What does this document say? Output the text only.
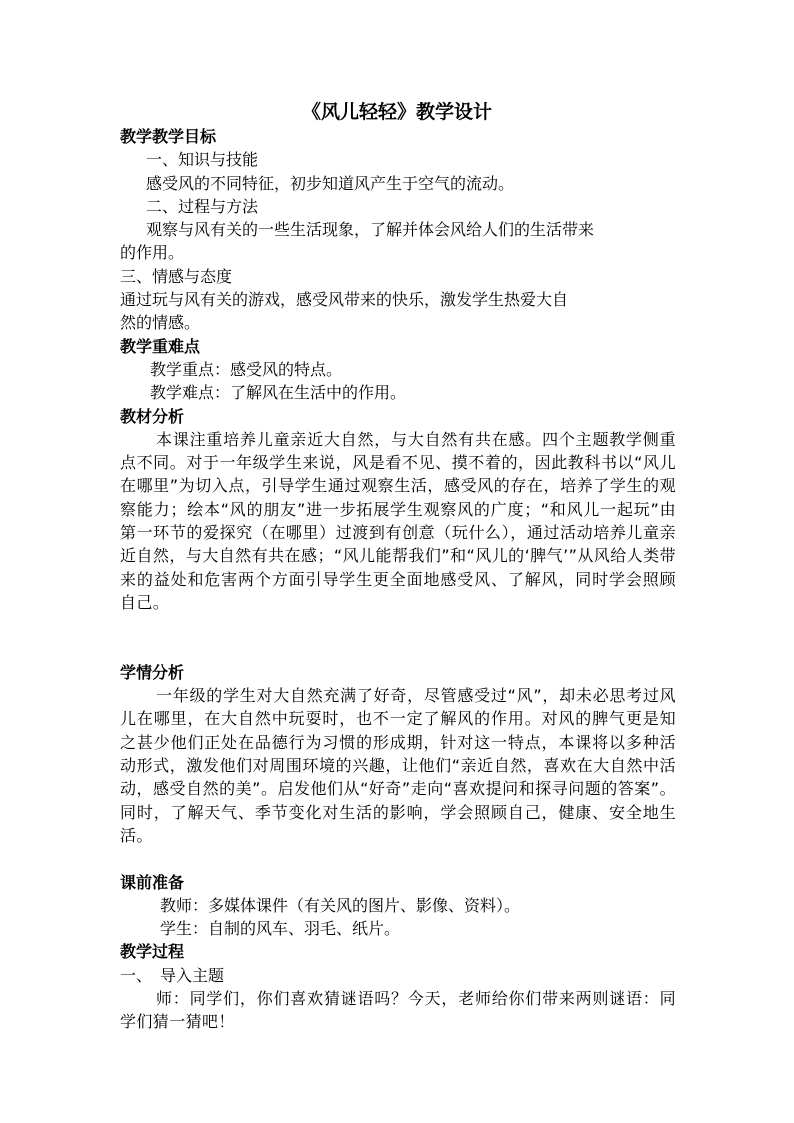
《风儿轻轻》教学设计
教学教学目标
一、知识与技能
感受风的不同特征，初步知道风产生于空气的流动。
二、过程与方法
观察与风有关的一些生活现象，了解并体会风给人们的生活带来
的作用。
三、情感与态度
通过玩与风有关的游戏，感受风带来的快乐，激发学生热爱大自
然的情感。
教学重难点
教学重点：感受风的特点。
教学难点：了解风在生活中的作用。
教材分析
本课注重培养儿童亲近大自然，与大自然有共在感。四个主题教学侧重点不同。对于一年级学生来说，风是看不见、摸不着的，因此教科书以“风儿在哪里”为切入点，引导学生通过观察生活，感受风的存在，培养了学生的观察能力；绘本“风的朋友”进一步拓展学生观察风的广度；“和风儿一起玩”由第一环节的爱探究（在哪里）过渡到有创意（玩什么），通过活动培养儿童亲近自然，与大自然有共在感；“风儿能帮我们”和“风儿的‘脾气’”从风给人类带来的益处和危害两个方面引导学生更全面地感受风、了解风，同时学会照顾自己。
学情分析
一年级的学生对大自然充满了好奇，尽管感受过“风”，却未必思考过风儿在哪里，在大自然中玩耍时，也不一定了解风的作用。对风的脾气更是知之甚少他们正处在品德行为习惯的形成期，针对这一特点，本课将以多种活动形式，激发他们对周围环境的兴趣，让他们“亲近自然，喜欢在大自然中活动，感受自然的美”。启发他们从“好奇”走向“喜欢提问和探寻问题的答案”。同时，了解天气、季节变化对生活的影响，学会照顾自己，健康、安全地生活。
课前准备
教师：多媒体课件（有关风的图片、影像、资料）。
学生：自制的风车、羽毛、纸片。
教学过程
一、　导入主题
师：同学们，你们喜欢猜谜语吗？今天，老师给你们带来两则谜语：同学们猜一猜吧！
